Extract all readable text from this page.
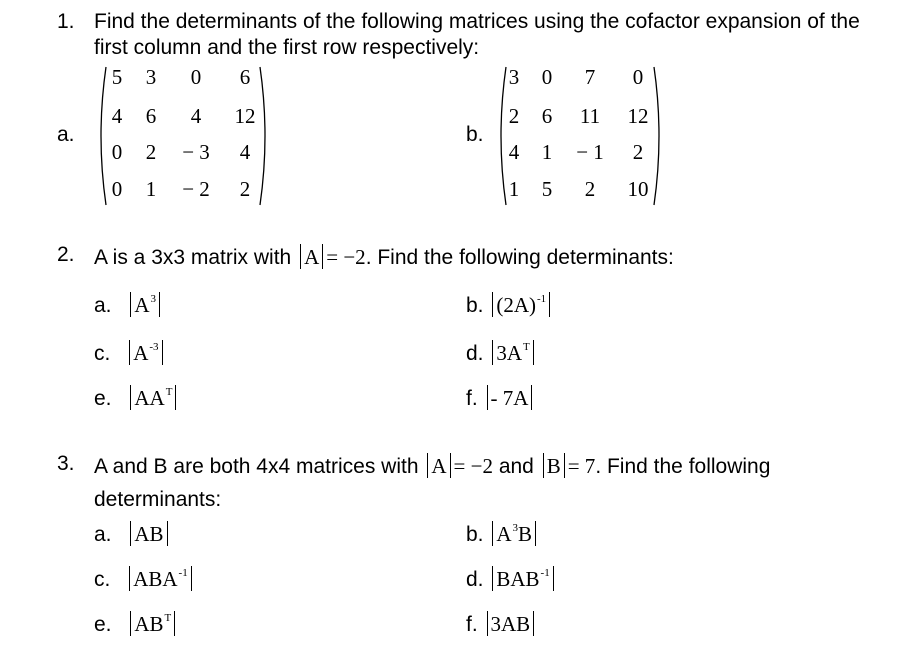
1. Find the determinants of the following matrices using the cofactor expansion of the
first column and the first row respectively:
a.	b.
5	3	0	6
4	6	4	12
0	2	− 3	4
0	1	− 2	2
3	0	7	0
2	6	11	12
4	1	− 1	2
1	5	2	10
2. A is a 3x3 matrix with A = −2. Find the following determinants:
a. $A^3$	b. $(2A)^{-1}$
c. $A^{-3}$	d. $3A^T$
e. $AA^T$	f. - 7A
3. A and B are both 4x4 matrices with A = −2 and B = 7. Find the following
determinants:
a. AB	b. $A^3B$
c. $ABA^{-1}$	d. $BAB^{-1}$
e. $AB^T$	f. 3AB
